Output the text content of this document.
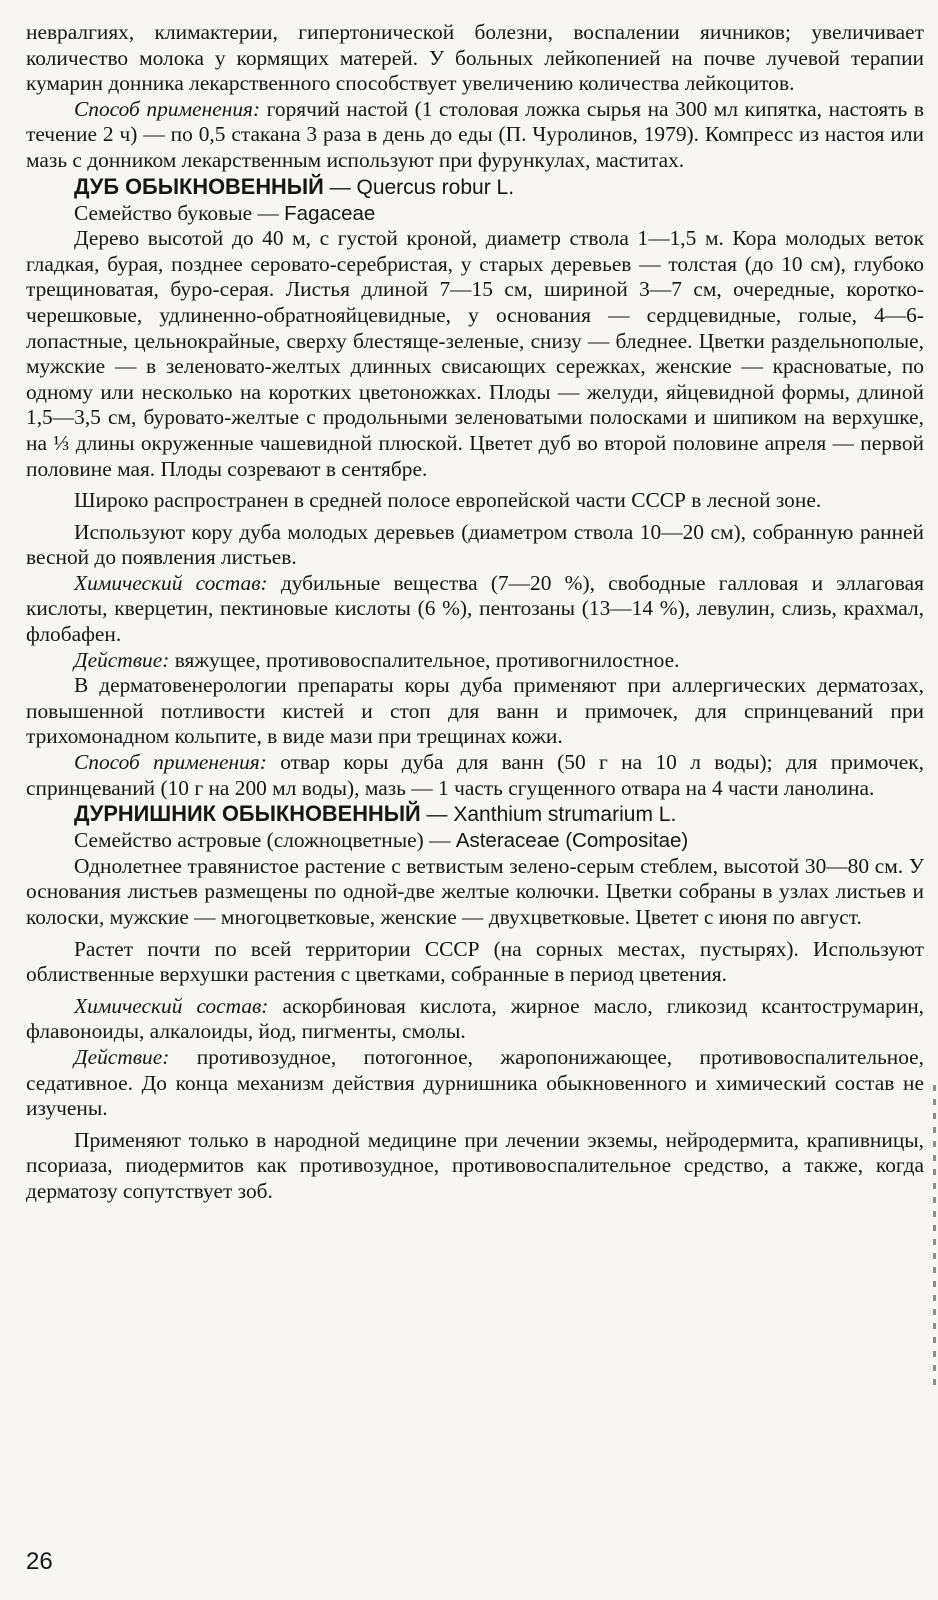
невралгиях, климактерии, гипертонической болезни, воспалении яичников; увеличивает количество молока у кормящих матерей. У больных лейкопенией на почве лучевой терапии кумарин донника лекарственного способствует увеличению количества лейкоцитов.

Способ применения: горячий настой (1 столовая ложка сырья на 300 мл кипятка, настоять в течение 2 ч) — по 0,5 стакана 3 раза в день до еды (П. Чуролинов, 1979). Компресс из настоя или мазь с донником лекарственным используют при фурункулах, маститах.

ДУБ ОБЫКНОВЕННЫЙ — Quercus robur L.

Семейство буковые — Fagaceae

Дерево высотой до 40 м, с густой кроной, диаметр ствола 1—1,5 м. Кора молодых веток гладкая, бурая, позднее серовато-серебристая, у старых деревьев — толстая (до 10 см), глубоко трещиноватая, буро-серая. Листья длиной 7—15 см, шириной 3—7 см, очередные, коротко-черешковые, удлиненно-обратнояйцевидные, у основания — сердцевидные, голые, 4—6-лопастные, цельнокрайные, сверху блестяще-зеленые, снизу — бледнее. Цветки раздельнополые, мужские — в зеленовато-желтых длинных свисающих сережках, женские — красноватые, по одному или несколько на коротких цветоножках. Плоды — желуди, яйцевидной формы, длиной 1,5—3,5 см, буровато-желтые с продольными зеленоватыми полосками и шипиком на верхушке, на ⅓ длины окруженные чашевидной плюской. Цветет дуб во второй половине апреля — первой половине мая. Плоды созревают в сентябре.

Широко распространен в средней полосе европейской части СССР в лесной зоне.

Используют кору дуба молодых деревьев (диаметром ствола 10—20 см), собранную ранней весной до появления листьев.

Химический состав: дубильные вещества (7—20 %), свободные галловая и эллаговая кислоты, кверцетин, пектиновые кислоты (6 %), пентозаны (13—14 %), левулин, слизь, крахмал, флобафен.

Действие: вяжущее, противовоспалительное, противогнилостное.

В дерматовенерологии препараты коры дуба применяют при аллергических дерматозах, повышенной потливости кистей и стоп для ванн и примочек, для спринцеваний при трихомонадном кольпите, в виде мази при трещинах кожи.

Способ применения: отвар коры дуба для ванн (50 г на 10 л воды); для примочек, спринцеваний (10 г на 200 мл воды), мазь — 1 часть сгущенного отвара на 4 части ланолина.

ДУРНИШНИК ОБЫКНОВЕННЫЙ — Xanthium strumarium L.

Семейство астровые (сложноцветные) — Asteraceae (Compositae)

Однолетнее травянистое растение с ветвистым зелено-серым стеблем, высотой 30—80 см. У основания листьев размещены по одной-две желтые колючки. Цветки собраны в узлах листьев и колоски, мужские — многоцветковые, женские — двухцветковые. Цветет с июня по август.

Растет почти по всей территории СССР (на сорных местах, пустырях). Используют облиственные верхушки растения с цветками, собранные в период цветения.

Химический состав: аскорбиновая кислота, жирное масло, гликозид ксантострумарин, флавоноиды, алкалоиды, йод, пигменты, смолы.

Действие: противозудное, потогонное, жаропонижающее, противовоспалительное, седативное. До конца механизм действия дурнишника обыкновенного и химический состав не изучены.

Применяют только в народной медицине при лечении экземы, нейродермита, крапивницы, псориаза, пиодермитов как противозудное, противовоспалительное средство, а также, когда дерматозу сопутствует зоб.

26
